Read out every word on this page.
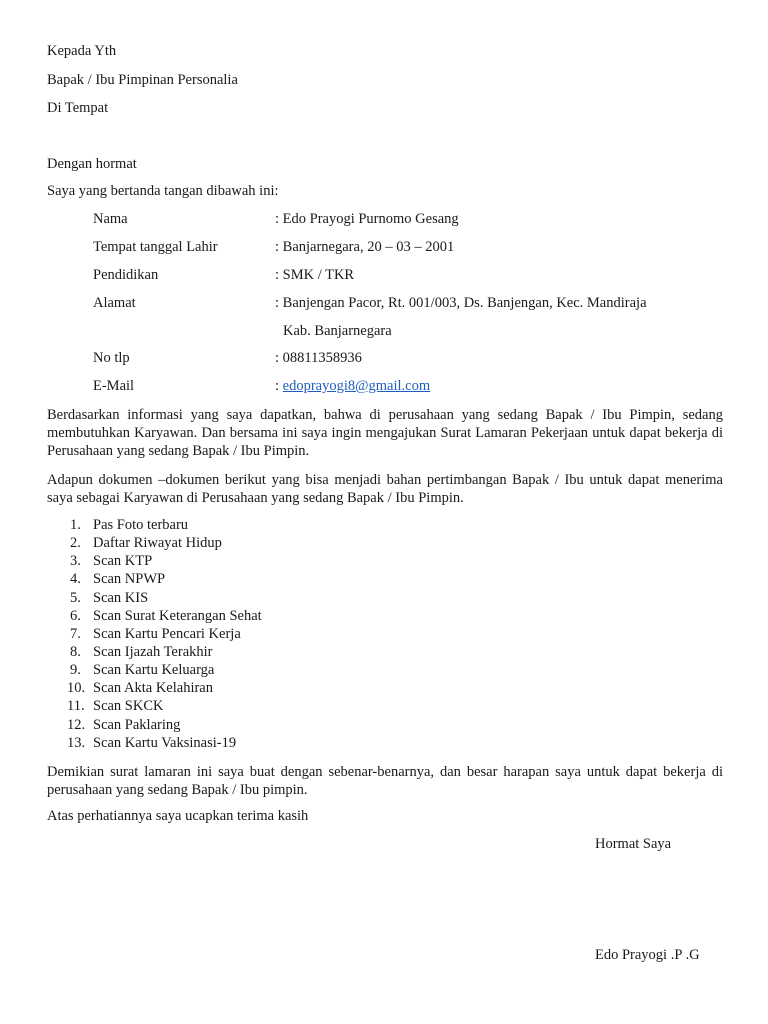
Kepada Yth
Bapak / Ibu Pimpinan Personalia
Di Tempat
Dengan hormat
Saya yang bertanda tangan dibawah ini:
Nama	: Edo Prayogi Purnomo Gesang
Tempat tanggal Lahir	: Banjarnegara, 20 – 03 – 2001
Pendidikan	: SMK / TKR
Alamat	: Banjengan Pacor, Rt. 001/003, Ds. Banjengan, Kec. Mandiraja
Kab. Banjarnegara
No tlp	: 08811358936
E-Mail	: edoprayogi8@gmail.com
Berdasarkan informasi yang saya dapatkan, bahwa di perusahaan yang sedang Bapak / Ibu Pimpin, sedang membutuhkan Karyawan. Dan bersama ini saya ingin mengajukan Surat Lamaran Pekerjaan untuk dapat bekerja di Perusahaan yang sedang Bapak / Ibu Pimpin.
Adapun dokumen –dokumen berikut yang bisa menjadi bahan pertimbangan Bapak / Ibu untuk dapat menerima saya sebagai Karyawan di Perusahaan yang sedang Bapak / Ibu Pimpin.
1. Pas Foto terbaru
2. Daftar Riwayat Hidup
3. Scan KTP
4. Scan NPWP
5. Scan KIS
6. Scan Surat Keterangan Sehat
7. Scan Kartu Pencari Kerja
8. Scan Ijazah Terakhir
9. Scan Kartu Keluarga
10. Scan Akta Kelahiran
11. Scan SKCK
12. Scan Paklaring
13. Scan Kartu Vaksinasi-19
Demikian surat lamaran ini saya buat dengan sebenar-benarnya, dan besar harapan saya untuk dapat bekerja di perusahaan yang sedang Bapak / Ibu pimpin.
Atas perhatiannya saya ucapkan terima kasih
Hormat Saya
Edo Prayogi .P .G
